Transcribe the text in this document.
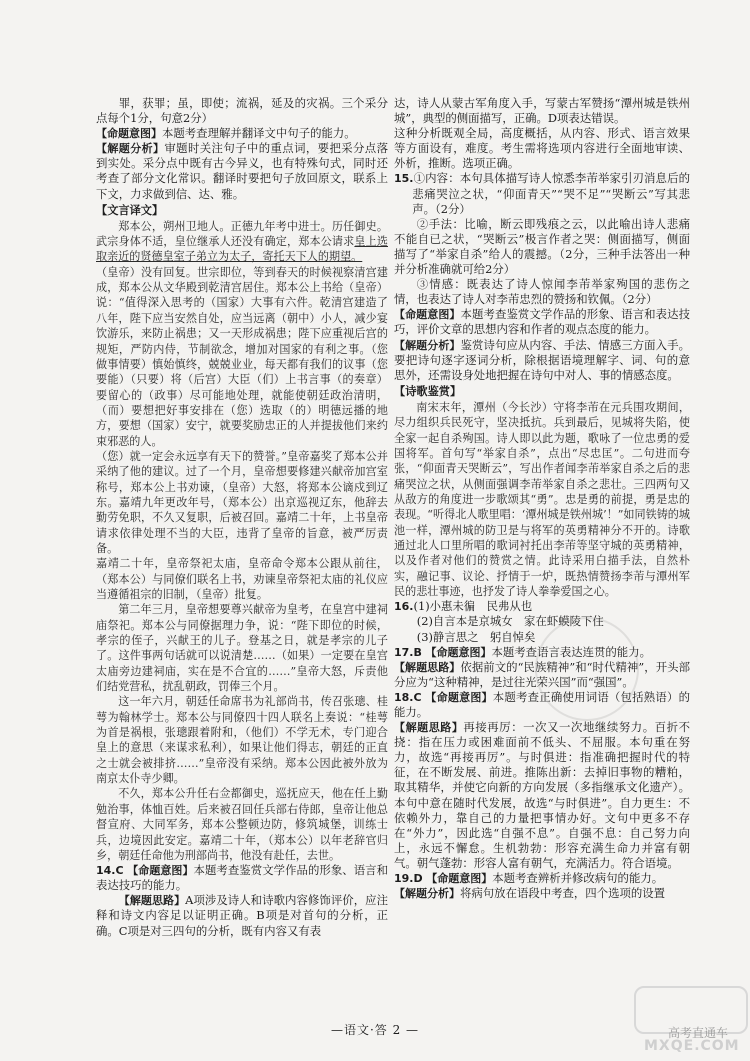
罪，获罪；虽，即使；流祸，延及的灾祸。三个采分点每个1分，句意2分）

【命题意图】本题考查理解并翻译文中句子的能力。

【解题分析】审题时关注句子中的重点词，要把采分点落到实处。采分点中既有古今异义，也有特殊句式，同时还考查了部分文化常识。翻译时要把句子放回原文，联系上下文，力求做到信、达、雅。

【文言译文】

郑本公，朔州卫地人。正德九年考中进士。历任御史。武宗身体不适，皇位继承人还没有确定，郑本公请求皇上选取亲近的贤德皇室子弟立为太子，寄托天下人的期望。

（皇帝）没有回复。世宗即位，等到春天的时候视察清宫建成，郑本公从文华殿到乾清宫居住。郑本公上书给（皇帝）说：“值得深入思考的（国家）大事有六件。乾清宫建造了八年，陛下应当安然自处，应当远离（朝中）小人，减少宴饮游乐，来防止祸患；又一天形成祸患；陛下应重视后宫的规矩，严防内侍，节制欲念，增加对国家的有利之事。（您做事情要）慎始慎终，兢兢业业，每天都有我们的议事（您要能）（只要）将（后宫）大臣（们）上书言事（的奏章）要留心的（政事）尽可能地处理，就能使朝廷政治清明，（而）要想把好事安排在（您）选取（的）明德远播的地方，要想（国家）安宁，就要奖励忠正的人并提拔他们来约束邪恶的人。

（您）就一定会永远享有天下的赞誉。”皇帝嘉奖了郑本公并采纳了他的建议。过了一个月，皇帝想要修建兴献帝加宫室称号，郑本公上书劝谏，（皇帝）大怒，将郑本公谪戍到辽东。嘉靖九年更改年号，（郑本公）出京巡视辽东，他辞去勤劳免职，不久又复职，后被召回。嘉靖二十年，上书皇帝请求依律处理不当的大臣，违背了皇帝的旨意，被严厉责备。

嘉靖二十年，皇帝祭祀太庙，皇帝命令郑本公跟从前往，（郑本公）与同僚们联名上书，劝谏皇帝祭祀太庙的礼仪应当遵循祖宗的旧制，（皇帝）批复。

第二年三月，皇帝想要尊兴献帝为皇考，在皇宫中建祠庙祭祀。郑本公与同僚据理力争，说：“陛下即位的时候，孝宗的侄子，兴献王的儿子。登基之日，就是孝宗的儿子了。这件事两句话就可以说清楚……（如果）一定要在皇宫太庙旁边建祠庙，实在是不合宜的……”皇帝大怒，斥责他们结党营私，扰乱朝政，罚俸三个月。

这一年六月，朝廷任命席书为礼部尚书，传召张璁、桂萼为翰林学士。郑本公与同僚四十四人联名上奏说：“桂萼为首是祸根，张璁跟着附和，（他们）不学无术，专门迎合皇上的意思（来谋求私利），如果让他们得志，朝廷的正直之士就会被排挤……”皇帝没有采纳。郑本公因此被外放为南京太仆寺少卿。

不久，郑本公升任右佥都御史，巡抚应天，他在任上勤勉治事，体恤百姓。后来被召回任兵部右侍郎，皇帝让他总督宣府、大同军务，郑本公整顿边防，修筑城堡，训练士兵，边境因此安定。嘉靖二十年，（郑本公）以年老辞官归乡，朝廷任命他为刑部尚书，他没有赴任，去世。

14.C 【命题意图】本题考查鉴赏文学作品的形象、语言和表达技巧的能力。

【解题思路】A项涉及诗人和诗歌内容修饰评价，应注释和诗文内容足以证明正确。B项是对首句的分析，正确。C项是对三四句的分析，既有内容又有表

达，诗人从蒙古军角度入手，写蒙古军赞扬“潭州城是铁州城”，典型的侧面描写，正确。D项表达错误。

这种分析既观全局，高度概括，从内容、形式、语言效果等方面设有，难度。考生需将选项内容进行全面地审读、外析，推断。选项正确。

15.①内容：本句具体描写诗人惊悉李芾举家引刃消息后的悲痛哭泣之状，“仰面青天”“哭不足”“哭断云”写其悲声。（2分）

②手法：比喻，断云即残痕之云，以此喻出诗人悲痛不能自已之状，“哭断云”极言作者之哭：侧面描写，侧面描写了“举家自杀”给人的震撼。（2分，三种手法答出一种并分析准确就可给2分）

③情感：既表达了诗人惊闻李芾举家殉国的悲伤之情，也表达了诗人对李芾忠烈的赞扬和钦佩。（2分）

【命题意图】本题考查鉴赏文学作品的形象、语言和表达技巧，评价文章的思想内容和作者的观点态度的能力。

【解题分析】鉴赏诗句应从内容、手法、情感三方面入手。要把诗句逐字逐词分析，除根据语境理解字、词、句的意思外，还需设身处地把握在诗句中对人、事的情感态度。

【诗歌鉴赏】

南宋末年，潭州（今长沙）守将李芾在元兵围攻期间，尽力组织兵民死守，坚决抵抗。兵到最后，见城将失陷，使全家一起自杀殉国。诗人即以此为题，歌咏了一位忠勇的爱国将军。首句写“举家自杀”，点出“尽忠匡”。二句进而夸张，“仰面青天哭断云”，写出作者闻李芾举家自杀之后的悲痛哭泣之状，从侧面强调李芾举家自杀之悲壮。三四两句又从敌方的角度进一步歌颂其“勇”。忠是勇的前提，勇是忠的表现。“听得北人歌里唱：‘潭州城是铁州城’！”如同铁铸的城池一样，潭州城的防卫是与将军的英勇精神分不开的。诗歌通过北人口里所唱的歌词衬托出李芾等坚守城的英勇精神，以及作者对他们的赞赏之情。此诗采用白描手法，自然朴实，融记事、议论、抒情于一炉，既热情赞扬李芾与潭州军民的悲壮事迹，也抒发了诗人拳拳爱国之心。

16.(1)小惠未徧　民弗从也

(2)自言本是京城女　家在虾蟆陵下住

(3)静言思之　躬自悼矣

17.B 【命题意图】本题考查语言表达连贯的能力。

【解题思路】依据前文的“民族精神”和“时代精神”，开头部分应为“这种精神，是过往光荣兴国”而“强国”。

18.C 【命题意图】本题考查正确使用词语（包括熟语）的能力。

【解题思路】再接再厉：一次又一次地继续努力。百折不挠：指在压力或困难面前不低头、不屈服。本句重在努力，故选“再接再厉”。与时俱进：指准确把握时代的特征，在不断发展、前进。推陈出新：去掉旧事物的糟粕，取其精华，并使它向新的方向发展（多指继承文化遗产）。本句中意在随时代发展，故选“与时俱进”。自力更生：不依赖外力，靠自己的力量把事情办好。文句中更多不存在“外力”，因此选“自强不息”。自强不息：自己努力向上，永远不懈怠。生机勃勃：形容充满生命力并富有朝气。朝气蓬勃：形容人富有朝气，充满活力。符合语境。

19.D 【命题意图】本题考查辨析并修改病句的能力。

【解题分析】将病句放在语段中考查，四个选项的设置

—语文·答 2 —	高考直通车
MXQE.COM
